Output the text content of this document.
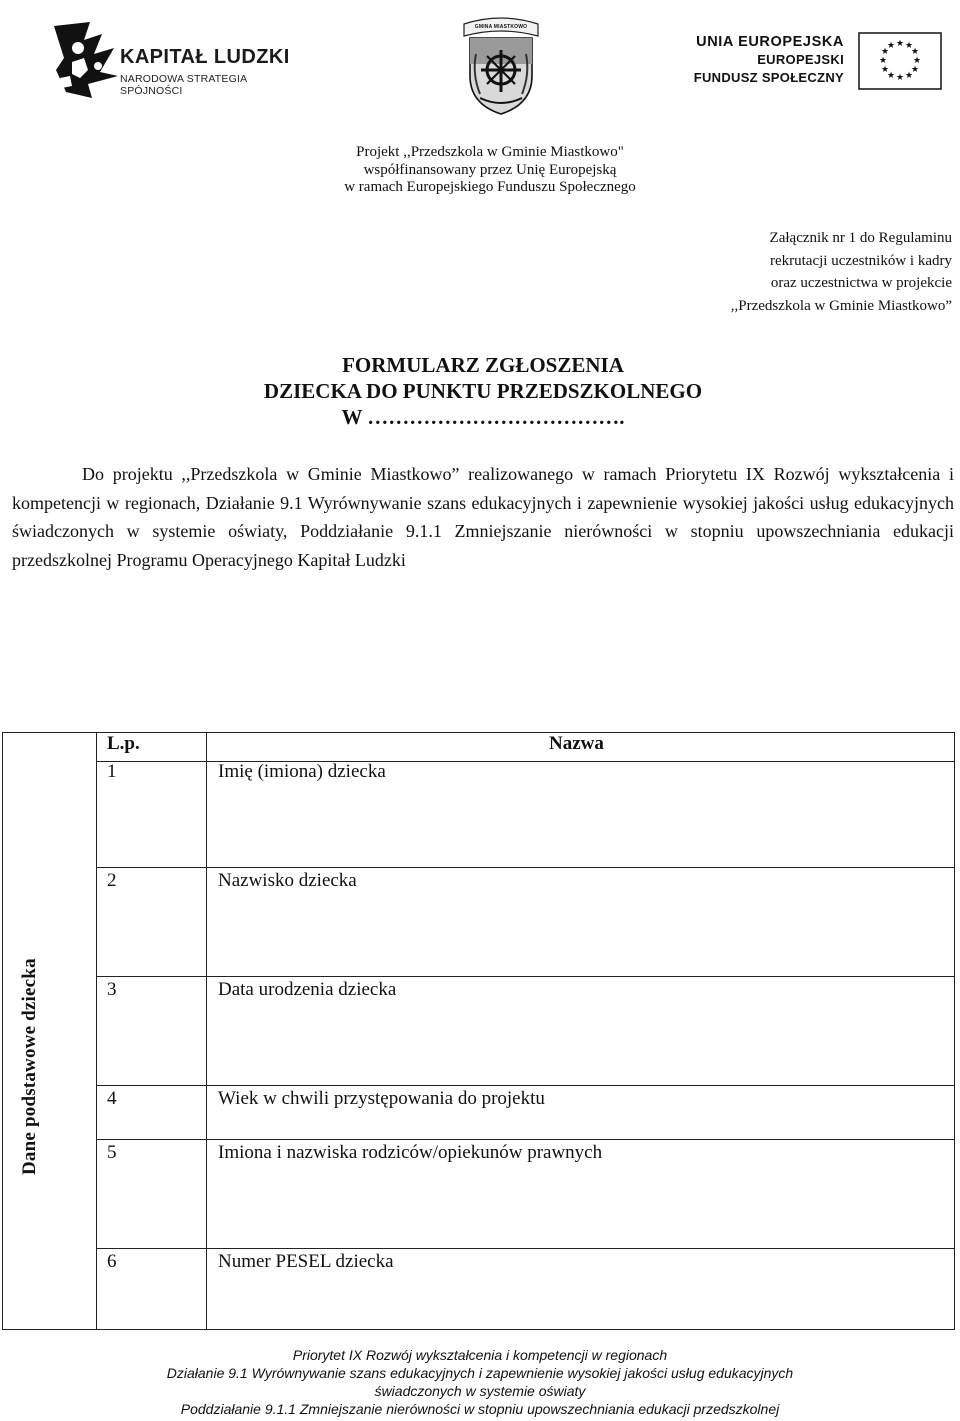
KAPITAŁ LUDZKI
NARODOWA STRATEGIA SPÓJNOŚCI
GMINA MIASTKOWO
UNIA EUROPEJSKA
EUROPEJSKI
FUNDUSZ SPOŁECZNY
★ ★
★
★
★
★
★
★
★
★
★
★
Projekt ,,Przedszkola w Gminie Miastkowo"
współfinansowany przez Unię Europejską
w ramach Europejskiego Funduszu Społecznego
Załącznik nr 1 do Regulaminu
rekrutacji uczestników i kadry
oraz uczestnictwa w projekcie
,,Przedszkola w Gminie Miastkowo”
FORMULARZ ZGŁOSZENIA
DZIECKA DO PUNKTU PRZEDSZKOLNEGO
W ……………………………….
Do projektu ,,Przedszkola w Gminie Miastkowo” realizowanego w ramach Priorytetu IX Rozwój wykształcenia i kompetencji w regionach, Działanie 9.1 Wyrównywanie szans edukacyjnych i zapewnienie wysokiej jakości usług edukacyjnych świadczonych w systemie oświaty, Poddziałanie 9.1.1 Zmniejszanie nierówności w stopniu upowszechniania edukacji przedszkolnej Programu Operacyjnego Kapitał Ludzki
Dane podstawowe dziecka
L.p.	Nazwa
1	Imię (imiona) dziecka
2	Nazwisko dziecka
3	Data urodzenia dziecka
4	Wiek w chwili przystępowania do projektu
5	Imiona i nazwiska rodziców/opiekunów prawnych
6	Numer PESEL dziecka
Priorytet IX Rozwój wykształcenia i kompetencji w regionach
Działanie 9.1 Wyrównywanie szans edukacyjnych i zapewnienie wysokiej jakości usług edukacyjnych
świadczonych w systemie oświaty
Poddziałanie 9.1.1 Zmniejszanie nierówności w stopniu upowszechniania edukacji przedszkolnej
